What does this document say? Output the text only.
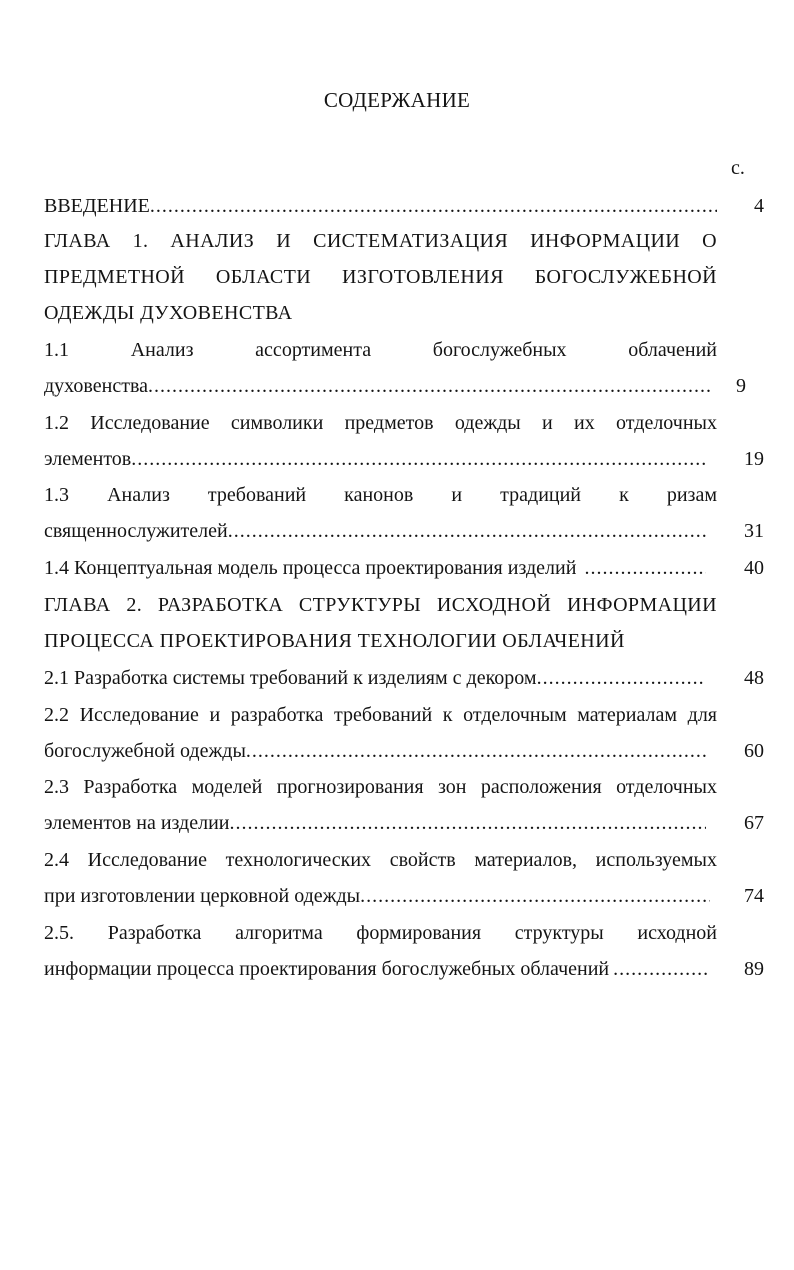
СОДЕРЖАНИЕ
с.
ВВЕДЕНИЕ .....	4
ГЛАВА 1. АНАЛИЗ И СИСТЕМАТИЗАЦИЯ ИНФОРМАЦИИ О
ПРЕДМЕТНОЙ ОБЛАСТИ ИЗГОТОВЛЕНИЯ БОГОСЛУЖЕБНОЙ
ОДЕЖДЫ ДУХОВЕНСТВА
1.1 Анализ ассортимента богослужебных облачений
духовенства .....	9
1.2 Исследование символики предметов одежды и их отделочных
элементов .....	19
1.3 Анализ требований канонов и традиций к ризам
священнослужителей .....	31
1.4 Концептуальная модель процесса проектирования изделий .....	40
ГЛАВА 2. РАЗРАБОТКА СТРУКТУРЫ ИСХОДНОЙ ИНФОРМАЦИИ
ПРОЦЕССА ПРОЕКТИРОВАНИЯ ТЕХНОЛОГИИ ОБЛАЧЕНИЙ
2.1 Разработка системы требований к изделиям с декором .....	48
2.2 Исследование и разработка требований к отделочным материалам для
богослужебной одежды .....	60
2.3 Разработка моделей прогнозирования зон расположения отделочных
элементов на изделии .....	67
2.4 Исследование технологических свойств материалов, используемых
при изготовлении церковной одежды .....	74
2.5. Разработка алгоритма формирования структуры исходной
информации процесса проектирования богослужебных облачений .....	89
